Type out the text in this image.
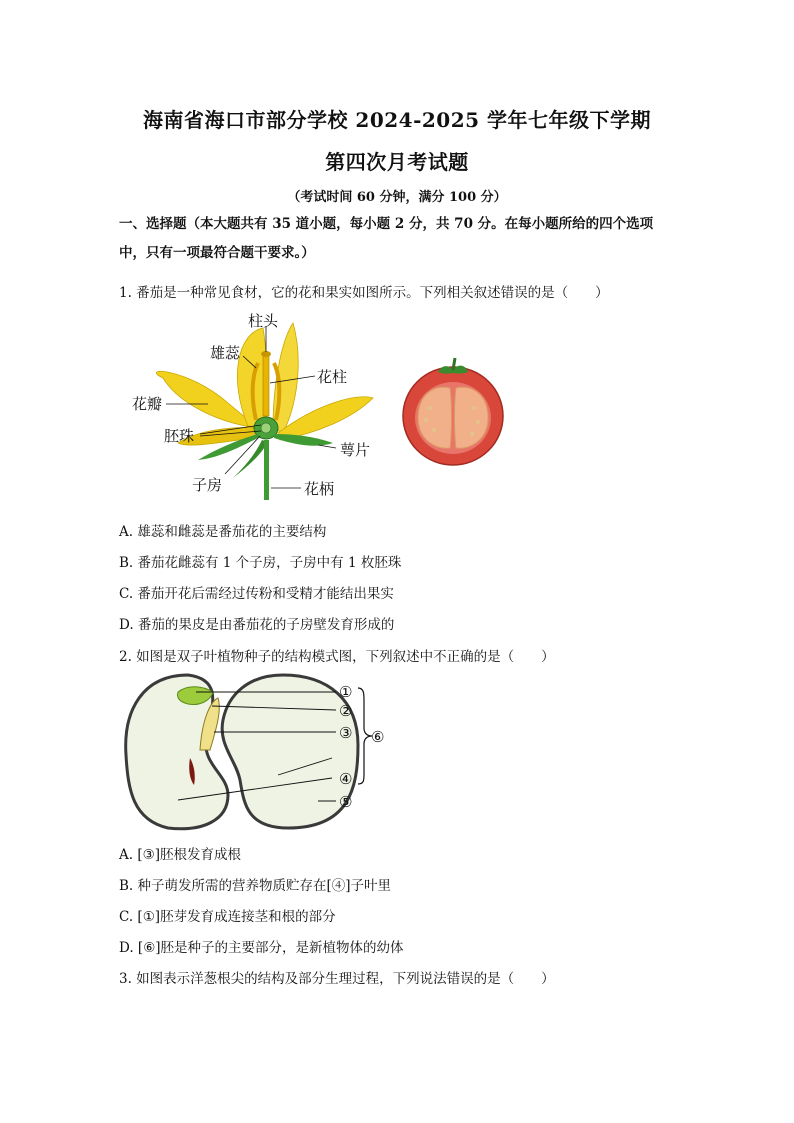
海南省海口市部分学校 2024-2025 学年七年级下学期
第四次月考试题
（考试时间 60 分钟，满分 100 分）
一、选择题（本大题共有 35 道小题，每小题 2 分，共 70 分。在每小题所给的四个选项中，只有一项最符合题干要求。）
1. 番茄是一种常见食材，它的花和果实如图所示。下列相关叙述错误的是（　　）
柱头
雄蕊
花柱
花瓣
胚珠
萼片
子房	花柄
A. 雄蕊和雌蕊是番茄花的主要结构
B. 番茄花雌蕊有 1 个子房，子房中有 1 枚胚珠
C. 番茄开花后需经过传粉和受精才能结出果实
D. 番茄的果皮是由番茄花的子房壁发育形成的
2. 如图是双子叶植物种子的结构模式图，下列叙述中不正确的是（　　）
①
②
③
④
⑤
⑥
A. [③]胚根发育成根
B. 种子萌发所需的营养物质贮存在[④]子叶里
C. [①]胚芽发育成连接茎和根的部分
D. [⑥]胚是种子的主要部分，是新植物体的幼体
3. 如图表示洋葱根尖的结构及部分生理过程，下列说法错误的是（　　）
